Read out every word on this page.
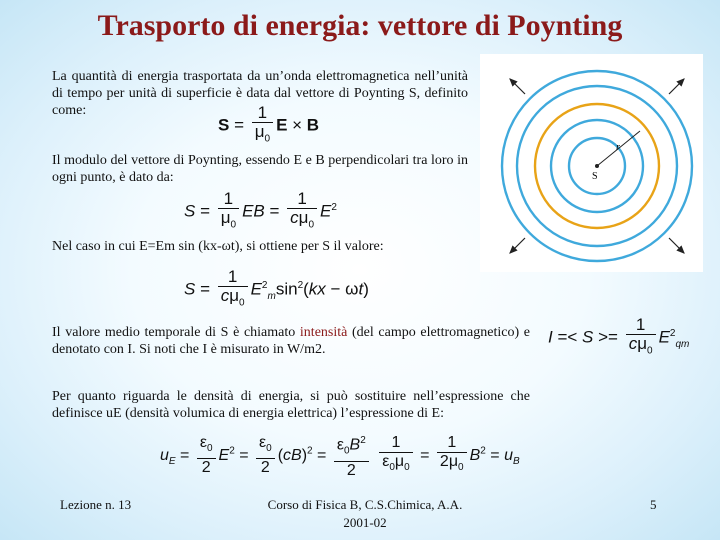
Trasporto di energia: vettore di Poynting
La quantità di energia trasportata da un’onda elettromagnetica nell’unità di tempo per unità di superficie è data dal vettore di Poynting S, definito come:
$S = \frac{1}{\mu_0}$ E × B
Il modulo del vettore di Poynting, essendo E e B perpendicolari tra loro in ogni punto, è dato da:
$S = \frac{1}{\mu_0}$ EB = $\frac{1}{c\mu_0} E^2$
Nel caso in cui E=Em sin (kx-ωt), si ottiene per S il valore:
$S = \frac{1}{c\mu_0} E^2_m\sin^2(kx - \omega t)$
Il valore medio temporale di S è chiamato intensità (del campo elettromagnetico) e denotato con I. Si noti che I è misurato in W/m2.
$I =< S >= \frac{1}{c\mu_0} E^2_{qm}$
Per quanto riguarda le densità di energia, si può sostituire nell’espressione che definisce uE (densità volumica di energia elettrica) l’espressione di E:
$u_E = \frac{\varepsilon_0}{2} E^2 = \frac{\varepsilon_0}{2} (cB)^2 = \frac{\varepsilon_0B^2}{2}$
$\frac{1}{\varepsilon_0\mu_0} = \frac{1}{2\mu_0} B^2 = u_B$
r
S
Lezione n. 13	Corso di Fisica B, C.S.Chimica, A.A.
2001-02
5
